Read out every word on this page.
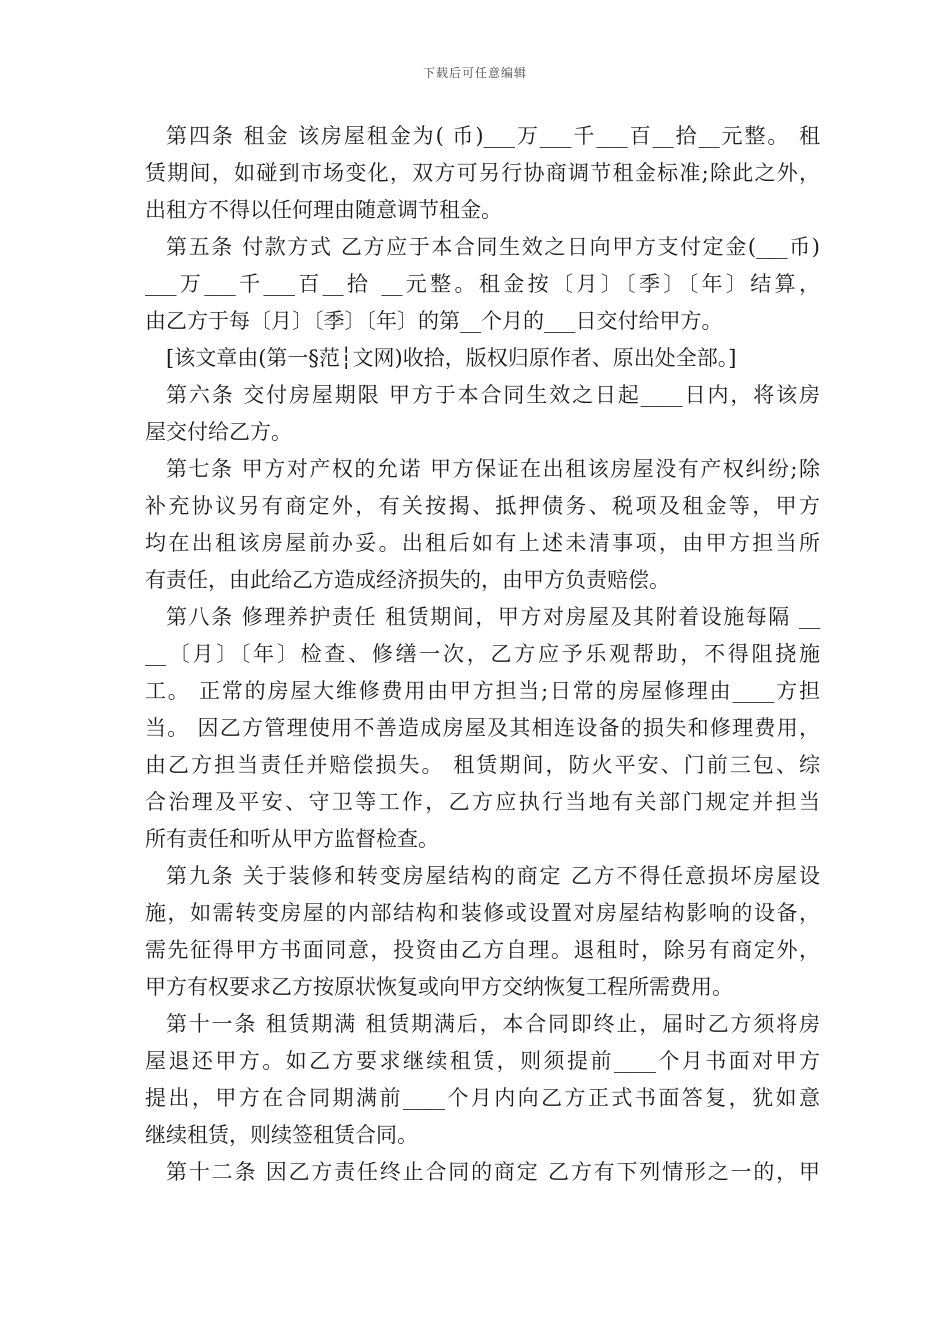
下载后可任意编辑
第四条 租金 该房屋租金为( 币)___万___千___百__拾__元整。 租
赁期间，如碰到市场变化，双方可另行协商调节租金标准;除此之外，
出租方不得以任何理由随意调节租金。
第五条 付款方式 乙方应于本合同生效之日向甲方支付定金(___币)
___万___千___百__拾 __元整。租金按〔月〕〔季〕〔年〕结算，
由乙方于每〔月〕〔季〕〔年〕的第__个月的___日交付给甲方。
[该文章由(第一§范┆文网)收拾，版权归原作者、原出处全部。]
第六条 交付房屋期限 甲方于本合同生效之日起____日内，将该房
屋交付给乙方。
第七条 甲方对产权的允诺 甲方保证在出租该房屋没有产权纠纷;除
补充协议另有商定外，有关按揭、抵押债务、税项及租金等，甲方
均在出租该房屋前办妥。出租后如有上述未清事项，由甲方担当所
有责任，由此给乙方造成经济损失的，由甲方负责赔偿。
第八条 修理养护责任 租赁期间，甲方对房屋及其附着设施每隔 __
__〔月〕〔年〕检查、修缮一次，乙方应予乐观帮助，不得阻挠施
工。 正常的房屋大维修费用由甲方担当;日常的房屋修理由____方担
当。 因乙方管理使用不善造成房屋及其相连设备的损失和修理费用，
由乙方担当责任并赔偿损失。 租赁期间，防火平安、门前三包、综
合治理及平安、守卫等工作，乙方应执行当地有关部门规定并担当
所有责任和听从甲方监督检查。
第九条 关于装修和转变房屋结构的商定 乙方不得任意损坏房屋设
施，如需转变房屋的内部结构和装修或设置对房屋结构影响的设备，
需先征得甲方书面同意，投资由乙方自理。退租时，除另有商定外，
甲方有权要求乙方按原状恢复或向甲方交纳恢复工程所需费用。
第十一条 租赁期满 租赁期满后，本合同即终止，届时乙方须将房
屋退还甲方。如乙方要求继续租赁，则须提前____个月书面对甲方
提出，甲方在合同期满前____个月内向乙方正式书面答复，犹如意
继续租赁，则续签租赁合同。
第十二条 因乙方责任终止合同的商定 乙方有下列情形之一的，甲
